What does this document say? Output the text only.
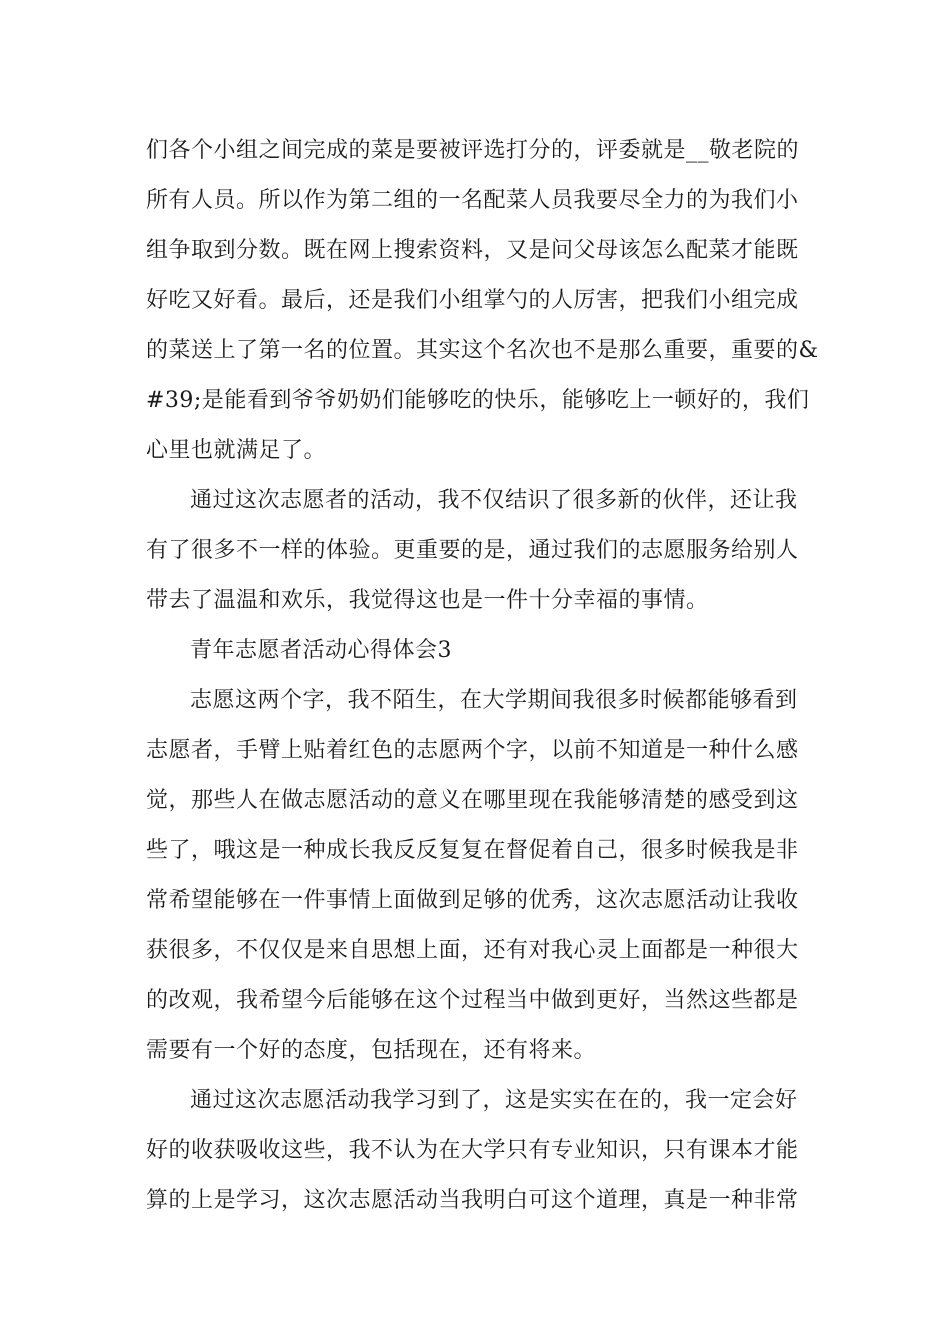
们各个小组之间完成的菜是要被评选打分的，评委就是__敬老院的
所有人员。所以作为第二组的一名配菜人员我要尽全力的为我们小
组争取到分数。既在网上搜索资料，又是问父母该怎么配菜才能既
好吃又好看。最后，还是我们小组掌勺的人厉害，把我们小组完成
的菜送上了第一名的位置。其实这个名次也不是那么重要，重要的&
#39;是能看到爷爷奶奶们能够吃的快乐，能够吃上一顿好的，我们
心里也就满足了。
通过这次志愿者的活动，我不仅结识了很多新的伙伴，还让我
有了很多不一样的体验。更重要的是，通过我们的志愿服务给别人
带去了温温和欢乐，我觉得这也是一件十分幸福的事情。
青年志愿者活动心得体会3
志愿这两个字，我不陌生，在大学期间我很多时候都能够看到
志愿者，手臂上贴着红色的志愿两个字，以前不知道是一种什么感
觉，那些人在做志愿活动的意义在哪里现在我能够清楚的感受到这
些了，哦这是一种成长我反反复复在督促着自己，很多时候我是非
常希望能够在一件事情上面做到足够的优秀，这次志愿活动让我收
获很多，不仅仅是来自思想上面，还有对我心灵上面都是一种很大
的改观，我希望今后能够在这个过程当中做到更好，当然这些都是
需要有一个好的态度，包括现在，还有将来。
通过这次志愿活动我学习到了，这是实实在在的，我一定会好
好的收获吸收这些，我不认为在大学只有专业知识，只有课本才能
算的上是学习，这次志愿活动当我明白可这个道理，真是一种非常
